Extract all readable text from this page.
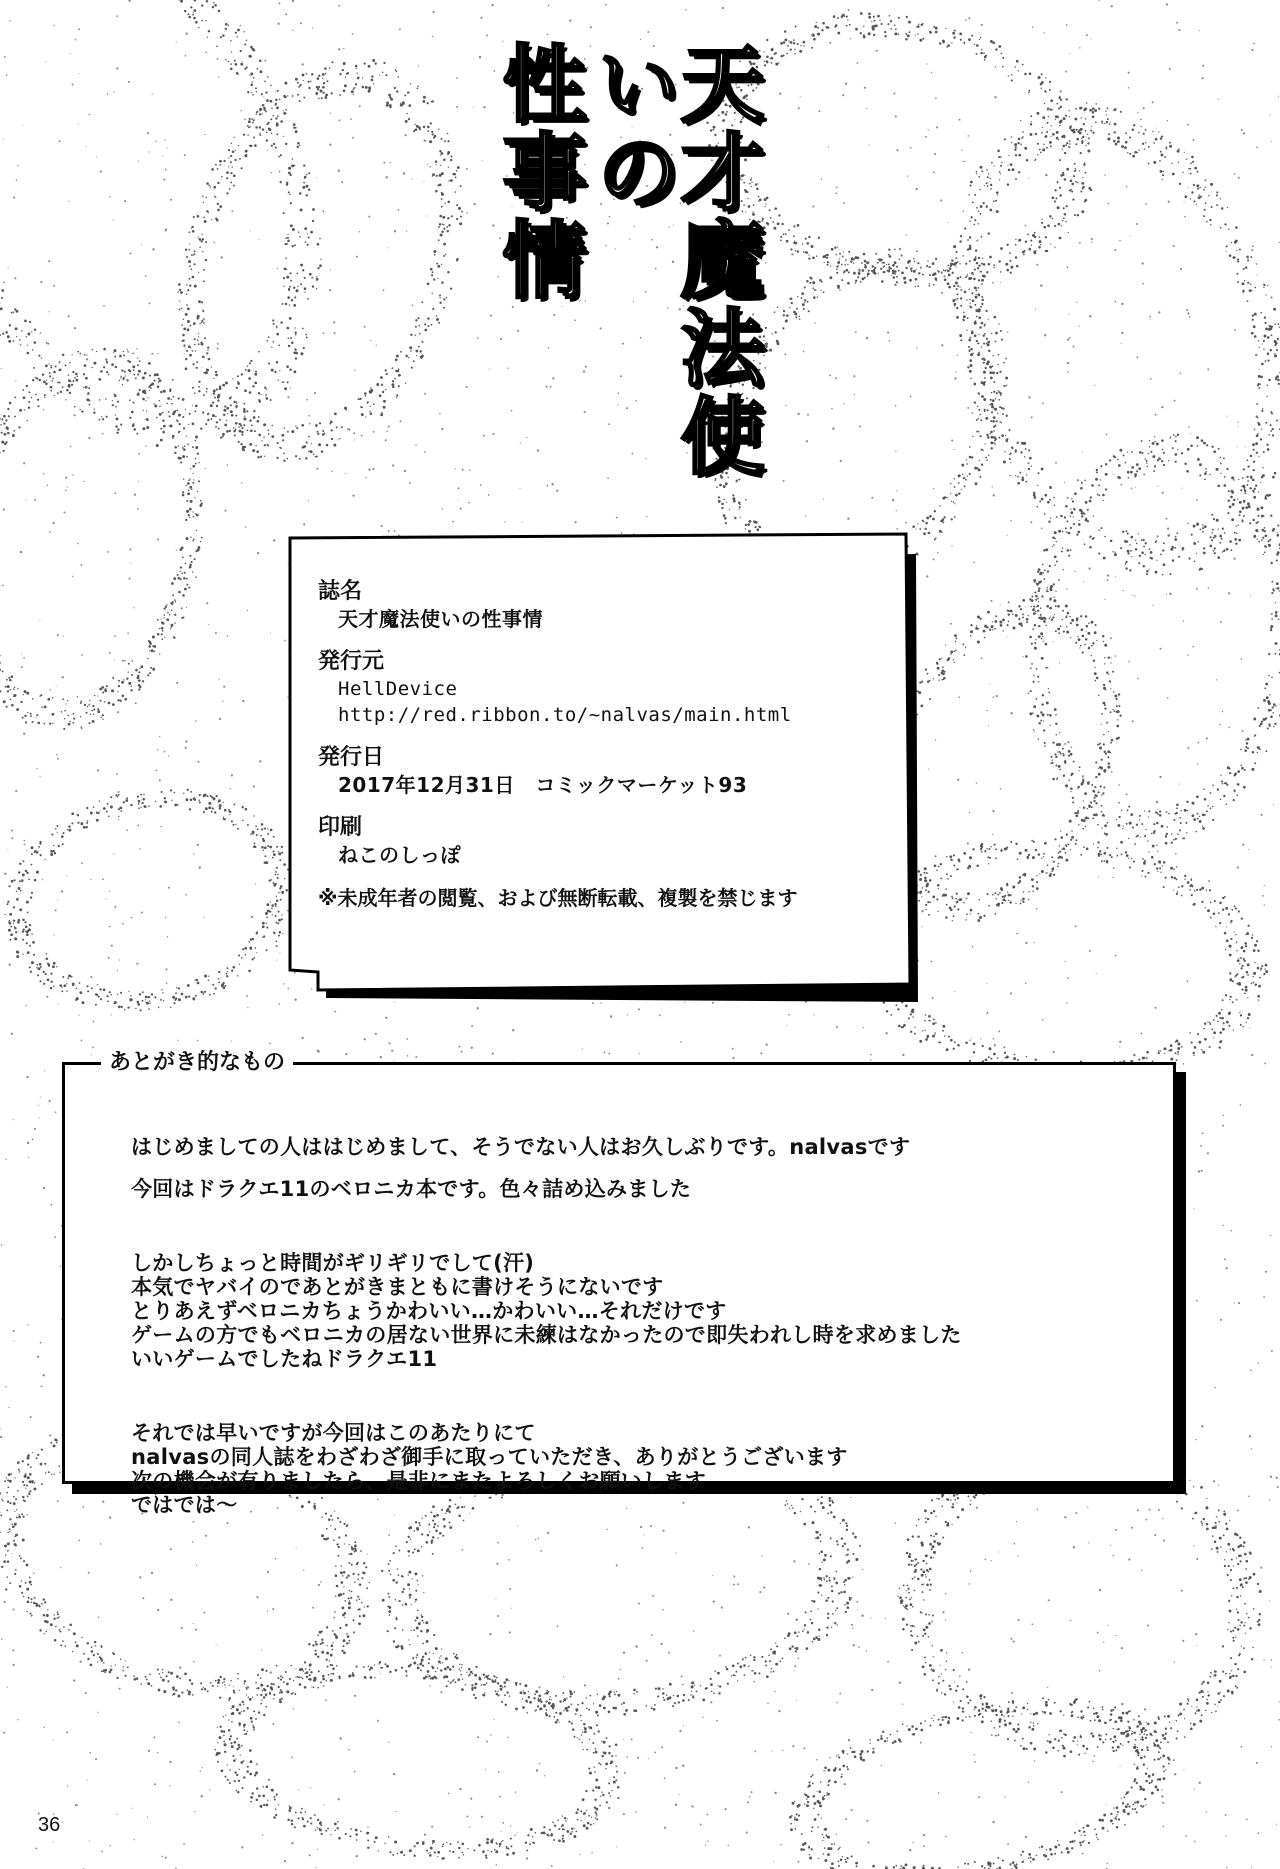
天才魔法使いの
性事情
誌名
天才魔法使いの性事情
発行元
HellDevice
http://red.ribbon.to/~nalvas/main.html
発行日
2017年12月31日　コミックマーケット93
印刷
ねこのしっぽ
※未成年者の閲覧、および無断転載、複製を禁じます
あとがき的なもの

はじめましての人ははじめまして、そうでない人はお久しぶりです。nalvasです

今回はドラクエ11のベロニカ本です。色々詰め込みました

しかしちょっと時間がギリギリでして(汗)

本気でヤバイのであとがきまともに書けそうにないです

とりあえずベロニカちょうかわいい…かわいい…それだけです

ゲームの方でもベロニカの居ない世界に未練はなかったので即失われし時を求めました

いいゲームでしたねドラクエ11

それでは早いですが今回はこのあたりにて

nalvasの同人誌をわざわざ御手に取っていただき、ありがとうございます

次の機会が有りましたら、是非にまたよろしくお願いします

ではでは～

36
